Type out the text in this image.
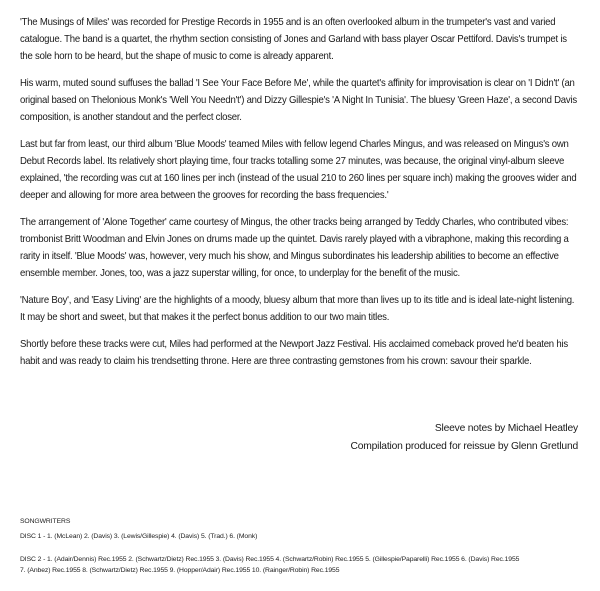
'The Musings of Miles' was recorded for Prestige Records in 1955 and is an often overlooked album in the trumpeter's vast and varied catalogue. The band is a quartet, the rhythm section consisting of Jones and Garland with bass player Oscar Pettiford. Davis's trumpet is the sole horn to be heard, but the shape of music to come is already apparent.

His warm, muted sound suffuses the ballad 'I See Your Face Before Me', while the quartet's affinity for improvisation is clear on 'I Didn't' (an original based on Thelonious Monk's 'Well You Needn't') and Dizzy Gillespie's 'A Night In Tunisia'. The bluesy 'Green Haze', a second Davis composition, is another standout and the perfect closer.

Last but far from least, our third album 'Blue Moods' teamed Miles with fellow legend Charles Mingus, and was released on Mingus's own Debut Records label. Its relatively short playing time, four tracks totalling some 27 minutes, was because, the original vinyl-album sleeve explained, 'the recording was cut at 160 lines per inch (instead of the usual 210 to 260 lines per square inch) making the grooves wider and deeper and allowing for more area between the grooves for recording the bass frequencies.'

The arrangement of 'Alone Together' came courtesy of Mingus, the other tracks being arranged by Teddy Charles, who contributed vibes: trombonist Britt Woodman and Elvin Jones on drums made up the quintet. Davis rarely played with a vibraphone, making this recording a rarity in itself. 'Blue Moods' was, however, very much his show, and Mingus subordinates his leadership abilities to become an effective ensemble member. Jones, too, was a jazz superstar willing, for once, to underplay for the benefit of the music.

'Nature Boy', and 'Easy Living' are the highlights of a moody, bluesy album that more than lives up to its title and is ideal late-night listening. It may be short and sweet, but that makes it the perfect bonus addition to our two main titles.

Shortly before these tracks were cut, Miles had performed at the Newport Jazz Festival. His acclaimed comeback proved he'd beaten his habit and was ready to claim his trendsetting throne. Here are three contrasting gemstones from his crown: savour their sparkle.

Sleeve notes by Michael Heatley
Compilation produced for reissue by Glenn Gretlund
SONGWRITERS
DISC 1 - 1. (McLean) 2. (Davis) 3. (Lewis/Gillespie) 4. (Davis) 5. (Trad.) 6. (Monk)
DISC 2 - 1. (Adair/Dennis) Rec.1955 2. (Schwartz/Dietz) Rec.1955 3. (Davis) Rec.1955 4. (Schwartz/Robin) Rec.1955 5. (Gillespie/Paparelli) Rec.1955 6. (Davis) Rec.1955
7. (Anbez) Rec.1955 8. (Schwartz/Dietz) Rec.1955 9. (Hopper/Adair) Rec.1955 10. (Rainger/Robin) Rec.1955
